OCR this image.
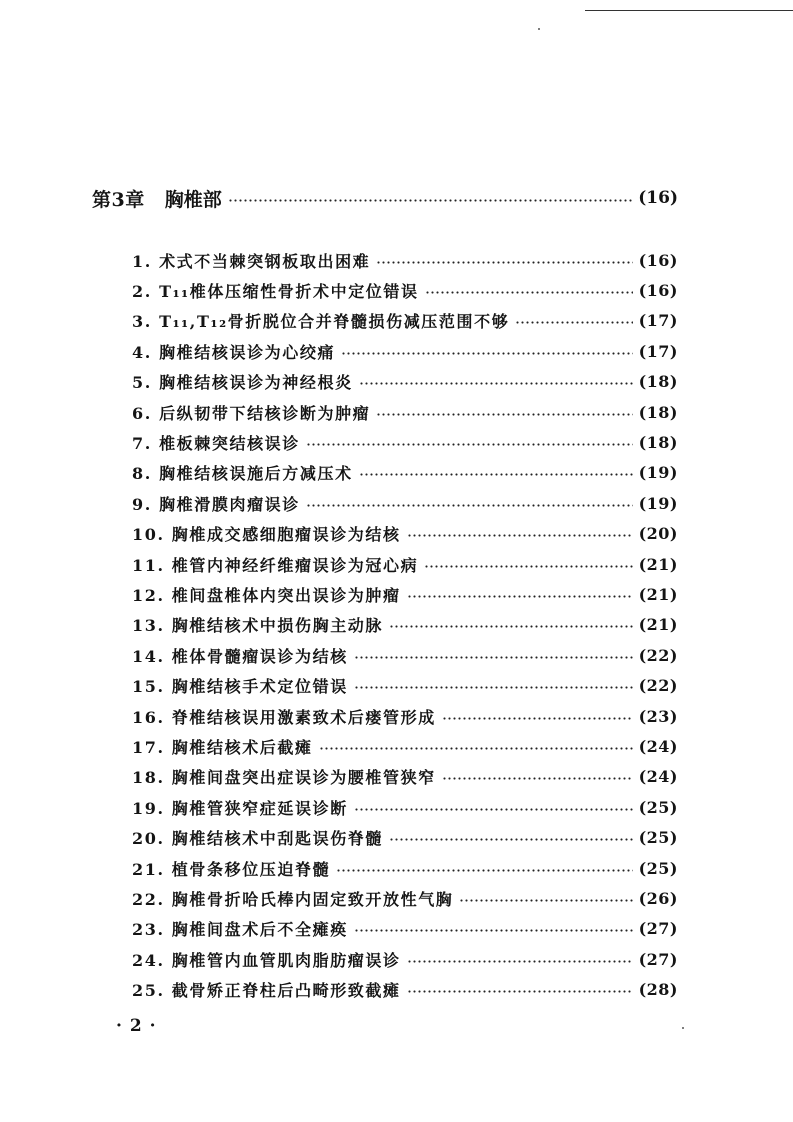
第3章 胸椎部	(16)
1. 术式不当棘突钢板取出困难	(16)
2. T₁₁椎体压缩性骨折术中定位错误	(16)
3. T₁₁,T₁₂骨折脱位合并脊髓损伤减压范围不够	(17)
4. 胸椎结核误诊为心绞痛	(17)
5. 胸椎结核误诊为神经根炎	(18)
6. 后纵韧带下结核诊断为肿瘤	(18)
7. 椎板棘突结核误诊	(18)
8. 胸椎结核误施后方减压术	(19)
9. 胸椎滑膜肉瘤误诊	(19)
10. 胸椎成交感细胞瘤误诊为结核	(20)
11. 椎管内神经纤维瘤误诊为冠心病	(21)
12. 椎间盘椎体内突出误诊为肿瘤	(21)
13. 胸椎结核术中损伤胸主动脉	(21)
14. 椎体骨髓瘤误诊为结核	(22)
15. 胸椎结核手术定位错误	(22)
16. 脊椎结核误用激素致术后瘘管形成	(23)
17. 胸椎结核术后截瘫	(24)
18. 胸椎间盘突出症误诊为腰椎管狭窄	(24)
19. 胸椎管狭窄症延误诊断	(25)
20. 胸椎结核术中刮匙误伤脊髓	(25)
21. 植骨条移位压迫脊髓	(25)
22. 胸椎骨折哈氏棒内固定致开放性气胸	(26)
23. 胸椎间盘术后不全瘫痪	(27)
24. 胸椎管内血管肌肉脂肪瘤误诊	(27)
25. 截骨矫正脊柱后凸畸形致截瘫	(28)
· 2 ·
